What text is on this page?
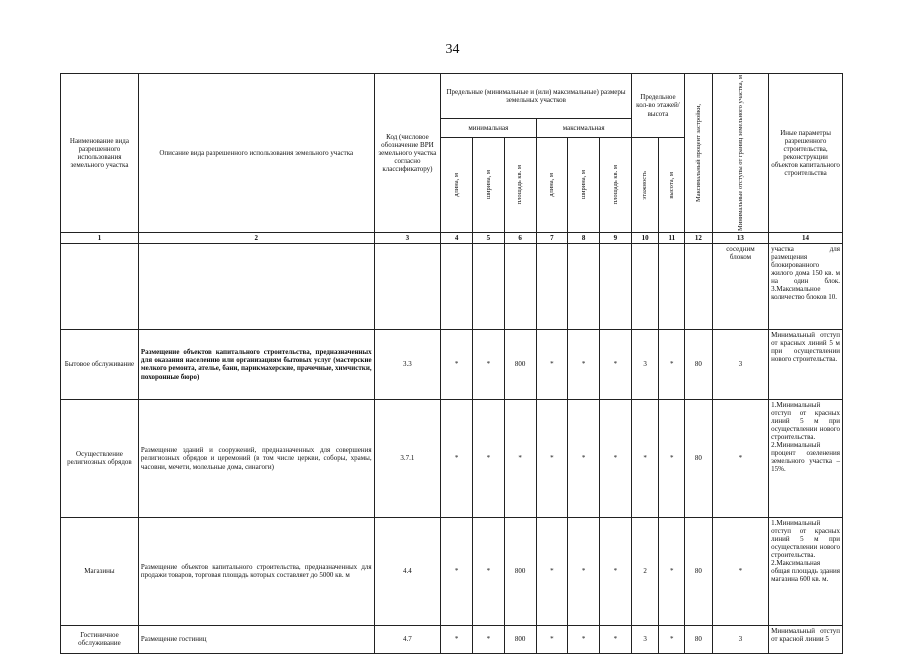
34
Наименование вида разрешенного использования земельного участка	Описание вида разрешенного использования земельного участка	Код (числовое обозначение ВРИ земельного участка согласно классификатору)	Предельные (минимальные и (или) максимальные) размеры земельных участков						Предельное кол-во этажей/ высота		Максимальный процент застройки,	Минимальные отступы от границ земельного участка, м	Иные параметры разрешенного строительства, реконструкции объектов капитального строительства
			минимальная			максимальная							

			длина, м	ширина, м	площадь кв. м	длина, м	ширина, м	площадь кв. м	этажность	высота, м			

1	2	3	4	5	6	7	8	9	10	11	12	13	14
												соседним блоком	участка для размещения блокированного жилого дома 150 кв. м на один блок. 3.Максимальное количество блоков 10.
Бытовое обслуживание	Размещение объектов капитального строительства, предназначенных для оказания населению или организациям бытовых услуг (мастерские мелкого ремонта, ателье, бани, парикмахерские, прачечные, химчистки, похоронные бюро)	3.3	*	*	800	*	*	*	3	*	80	3	Минимальный отступ от красных линий 5 м при осуществлении нового строительства.
Осуществление религиозных обрядов	Размещение зданий и сооружений, предназначенных для совершения религиозных обрядов и церемоний (в том числе церкви, соборы, храмы, часовни, мечети, молельные дома, синагоги)	3.7.1	*	*	*	*	*	*	*	*	80	*	1.Минимальный отступ от красных линий 5 м при осуществлении нового строительства. 2.Минимальный процент озеленения земельного участка – 15%.
Магазины	Размещение объектов капитального строительства, предназначенных для продажи товаров, торговая площадь которых составляет до 5000 кв. м	4.4	*	*	800	*	*	*	2	*	80	*	1.Минимальный отступ от красных линий 5 м при осуществлении нового строительства. 2.Максимальная общая площадь здания магазина 600 кв. м.
Гостиничное обслуживание	Размещение гостиниц	4.7	*	*	800	*	*	*	3	*	80	3	Минимальный отступ от красной линии 5
